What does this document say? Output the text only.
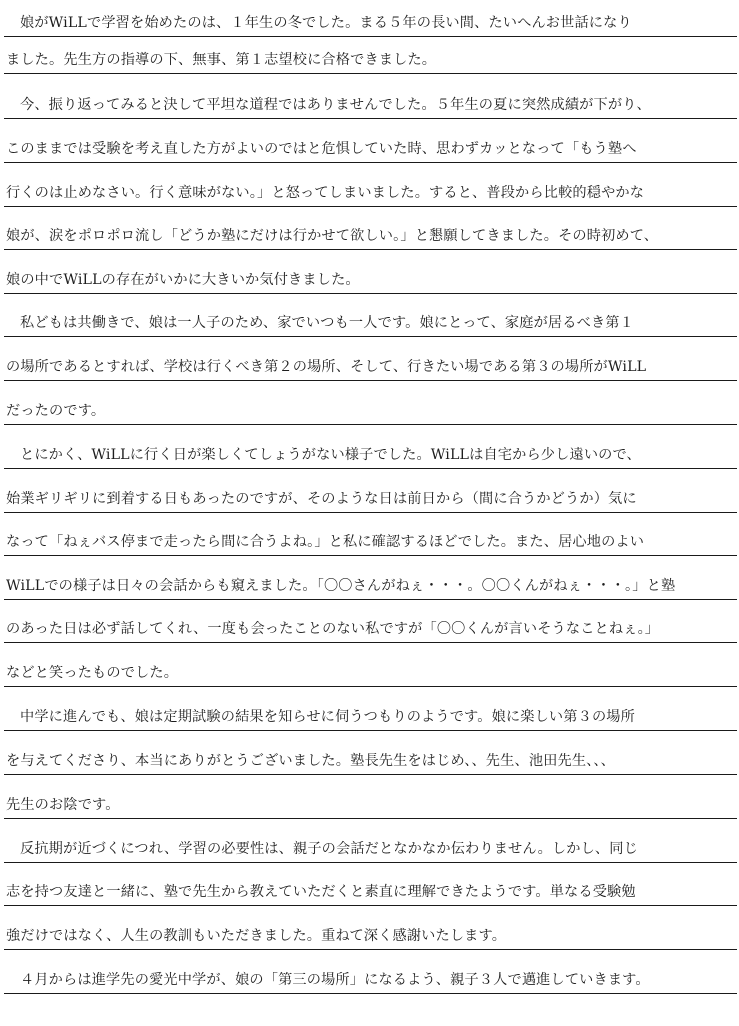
娘がWiLLで学習を始めたのは、１年生の冬でした。まる５年の長い間、たいへんお世話になり
ました。先生方の指導の下、無事、第１志望校に合格できました。
今、振り返ってみると決して平坦な道程ではありませんでした。５年生の夏に突然成績が下がり、
このままでは受験を考え直した方がよいのではと危惧していた時、思わずカッとなって「もう塾へ
行くのは止めなさい。行く意味がない。」と怒ってしまいました。すると、普段から比較的穏やかな
娘が、涙をポロポロ流し「どうか塾にだけは行かせて欲しい。」と懇願してきました。その時初めて、
娘の中でWiLLの存在がいかに大きいか気付きました。
私どもは共働きで、娘は一人子のため、家でいつも一人です。娘にとって、家庭が居るべき第１
の場所であるとすれば、学校は行くべき第２の場所、そして、行きたい場である第３の場所がWiLL
だったのです。
とにかく、WiLLに行く日が楽しくてしょうがない様子でした。WiLLは自宅から少し遠いので、
始業ギリギリに到着する日もあったのですが、そのような日は前日から（間に合うかどうか）気に
なって「ねぇバス停まで走ったら間に合うよね。」と私に確認するほどでした。また、居心地のよい
WiLLでの様子は日々の会話からも窺えました。「〇〇さんがねぇ・・・。〇〇くんがねぇ・・・。」と塾
のあった日は必ず話してくれ、一度も会ったことのない私ですが「〇〇くんが言いそうなことねぇ。」
などと笑ったものでした。
中学に進んでも、娘は定期試験の結果を知らせに伺うつもりのようです。娘に楽しい第３の場所
を与えてくださり、本当にありがとうございました。塾長先生をはじめ、、先生、池田先生、、、
先生のお陰です。
反抗期が近づくにつれ、学習の必要性は、親子の会話だとなかなか伝わりません。しかし、同じ
志を持つ友達と一緒に、塾で先生から教えていただくと素直に理解できたようです。単なる受験勉
強だけではなく、人生の教訓もいただきました。重ねて深く感謝いたします。
４月からは進学先の愛光中学が、娘の「第三の場所」になるよう、親子３人で邁進していきます。
